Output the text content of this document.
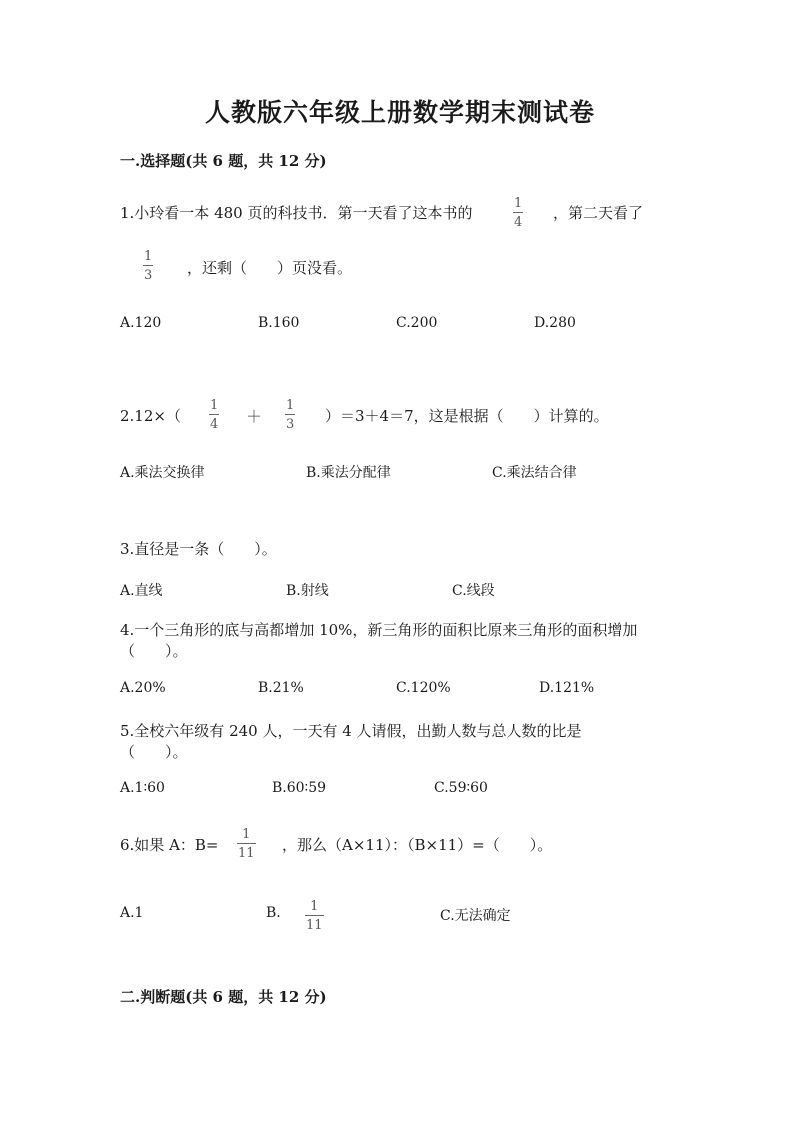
人教版六年级上册数学期末测试卷
一.选择题(共 6 题，共 12 分)
1.小玲看一本 480 页的科技书．第一天看了这本书的
1
4
，第二天看了
1
3 ，还剩（　　）页没看。
A.120	B.160	C.200	D.280
2.12×（
1
4 ＋
1
3 ）＝3＋4＝7，这是根据（　　）计算的。
A.乘法交换律	B.乘法分配律	C.乘法结合律
3.直径是一条（　　）。
A.直线	B.射线	C.线段
4.一个三角形的底与高都增加 10%，新三角形的面积比原来三角形的面积增加
（　　）。
A.20%	B.21%	C.120%	D.121%
5.全校六年级有 240 人，一天有 4 人请假，出勤人数与总人数的比是
（　　）。
A.1∶60	B.60∶59	C.59∶60
6.如果 A：B=
1
11 ，那么（A×11）：（B×11）=（　　）。
A.1	B.	1
11
C.无法确定
二.判断题(共 6 题，共 12 分)
